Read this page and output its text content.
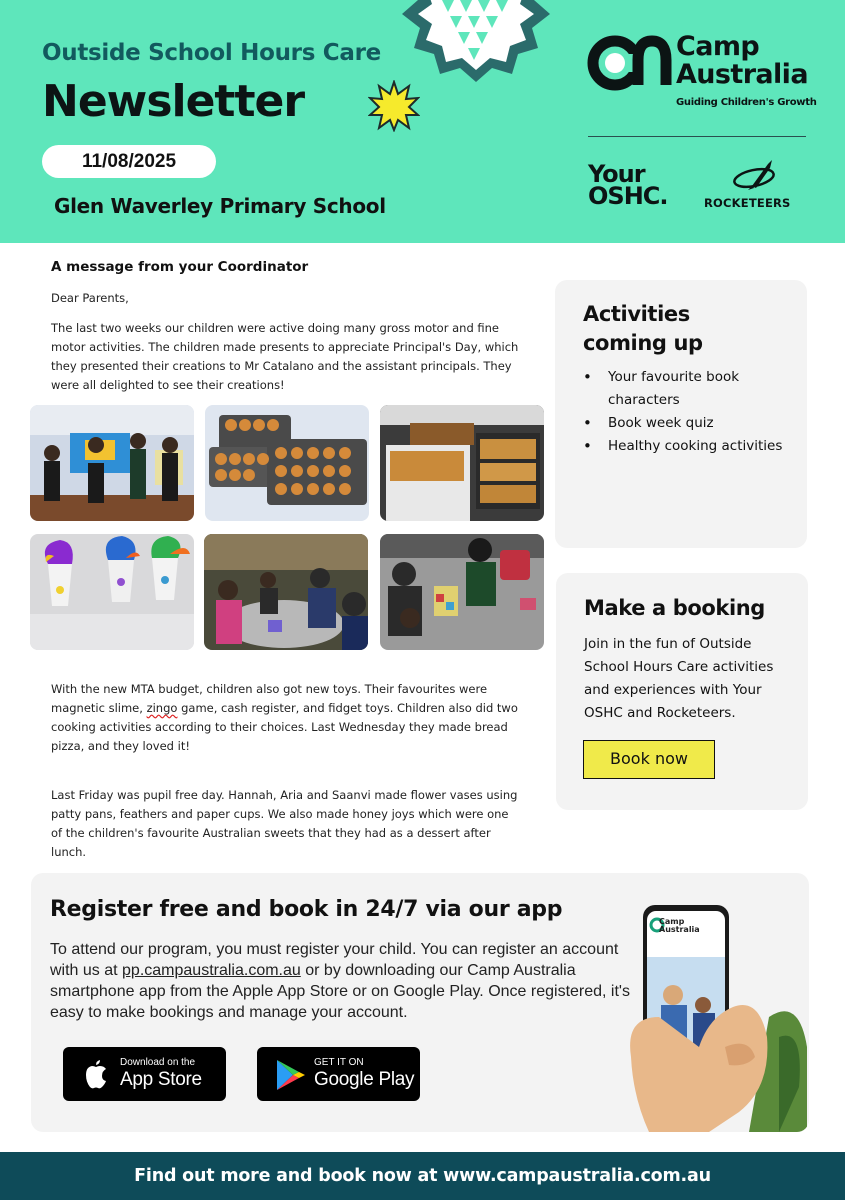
Outside School Hours Care
Newsletter
11/08/2025
Glen Waverley Primary School
Camp
Australia
Guiding Children's Growth
Your
OSHC.	ROCKETEERS
A message from your Coordinator
Dear Parents,
The last two weeks our children were active doing many gross motor and fine motor activities. The children made presents to appreciate Principal's Day, which they presented their creations to Mr Catalano and the assistant principals. They were all delighted to see their creations!
With the new MTA budget, children also got new toys. Their favourites were magnetic slime, zingo game, cash register, and fidget toys. Children also did two cooking activities according to their choices. Last Wednesday they made bread pizza, and they loved it!
Last Friday was pupil free day. Hannah, Aria and Saanvi made flower vases using patty pans, feathers and paper cups. We also made honey joys which were one of the children's favourite Australian sweets that they had as a dessert after lunch.
Activities
coming up
• Your favourite book characters
• Book week quiz
• Healthy cooking activities
Make a booking
Join in the fun of Outside School Hours Care activities and experiences with Your OSHC and Rocketeers.
Book now
Register free and book in 24/7 via our app
To attend our program, you must register your child. You can register an account with us at pp.campaustralia.com.au or by downloading our Camp Australia smartphone app from the Apple App Store or on Google Play. Once registered, it's easy to make bookings and manage your account.
Download on the
App Store
GET IT ON
Google Play
Camp
Australia
Find out more and book now at www.campaustralia.com.au
